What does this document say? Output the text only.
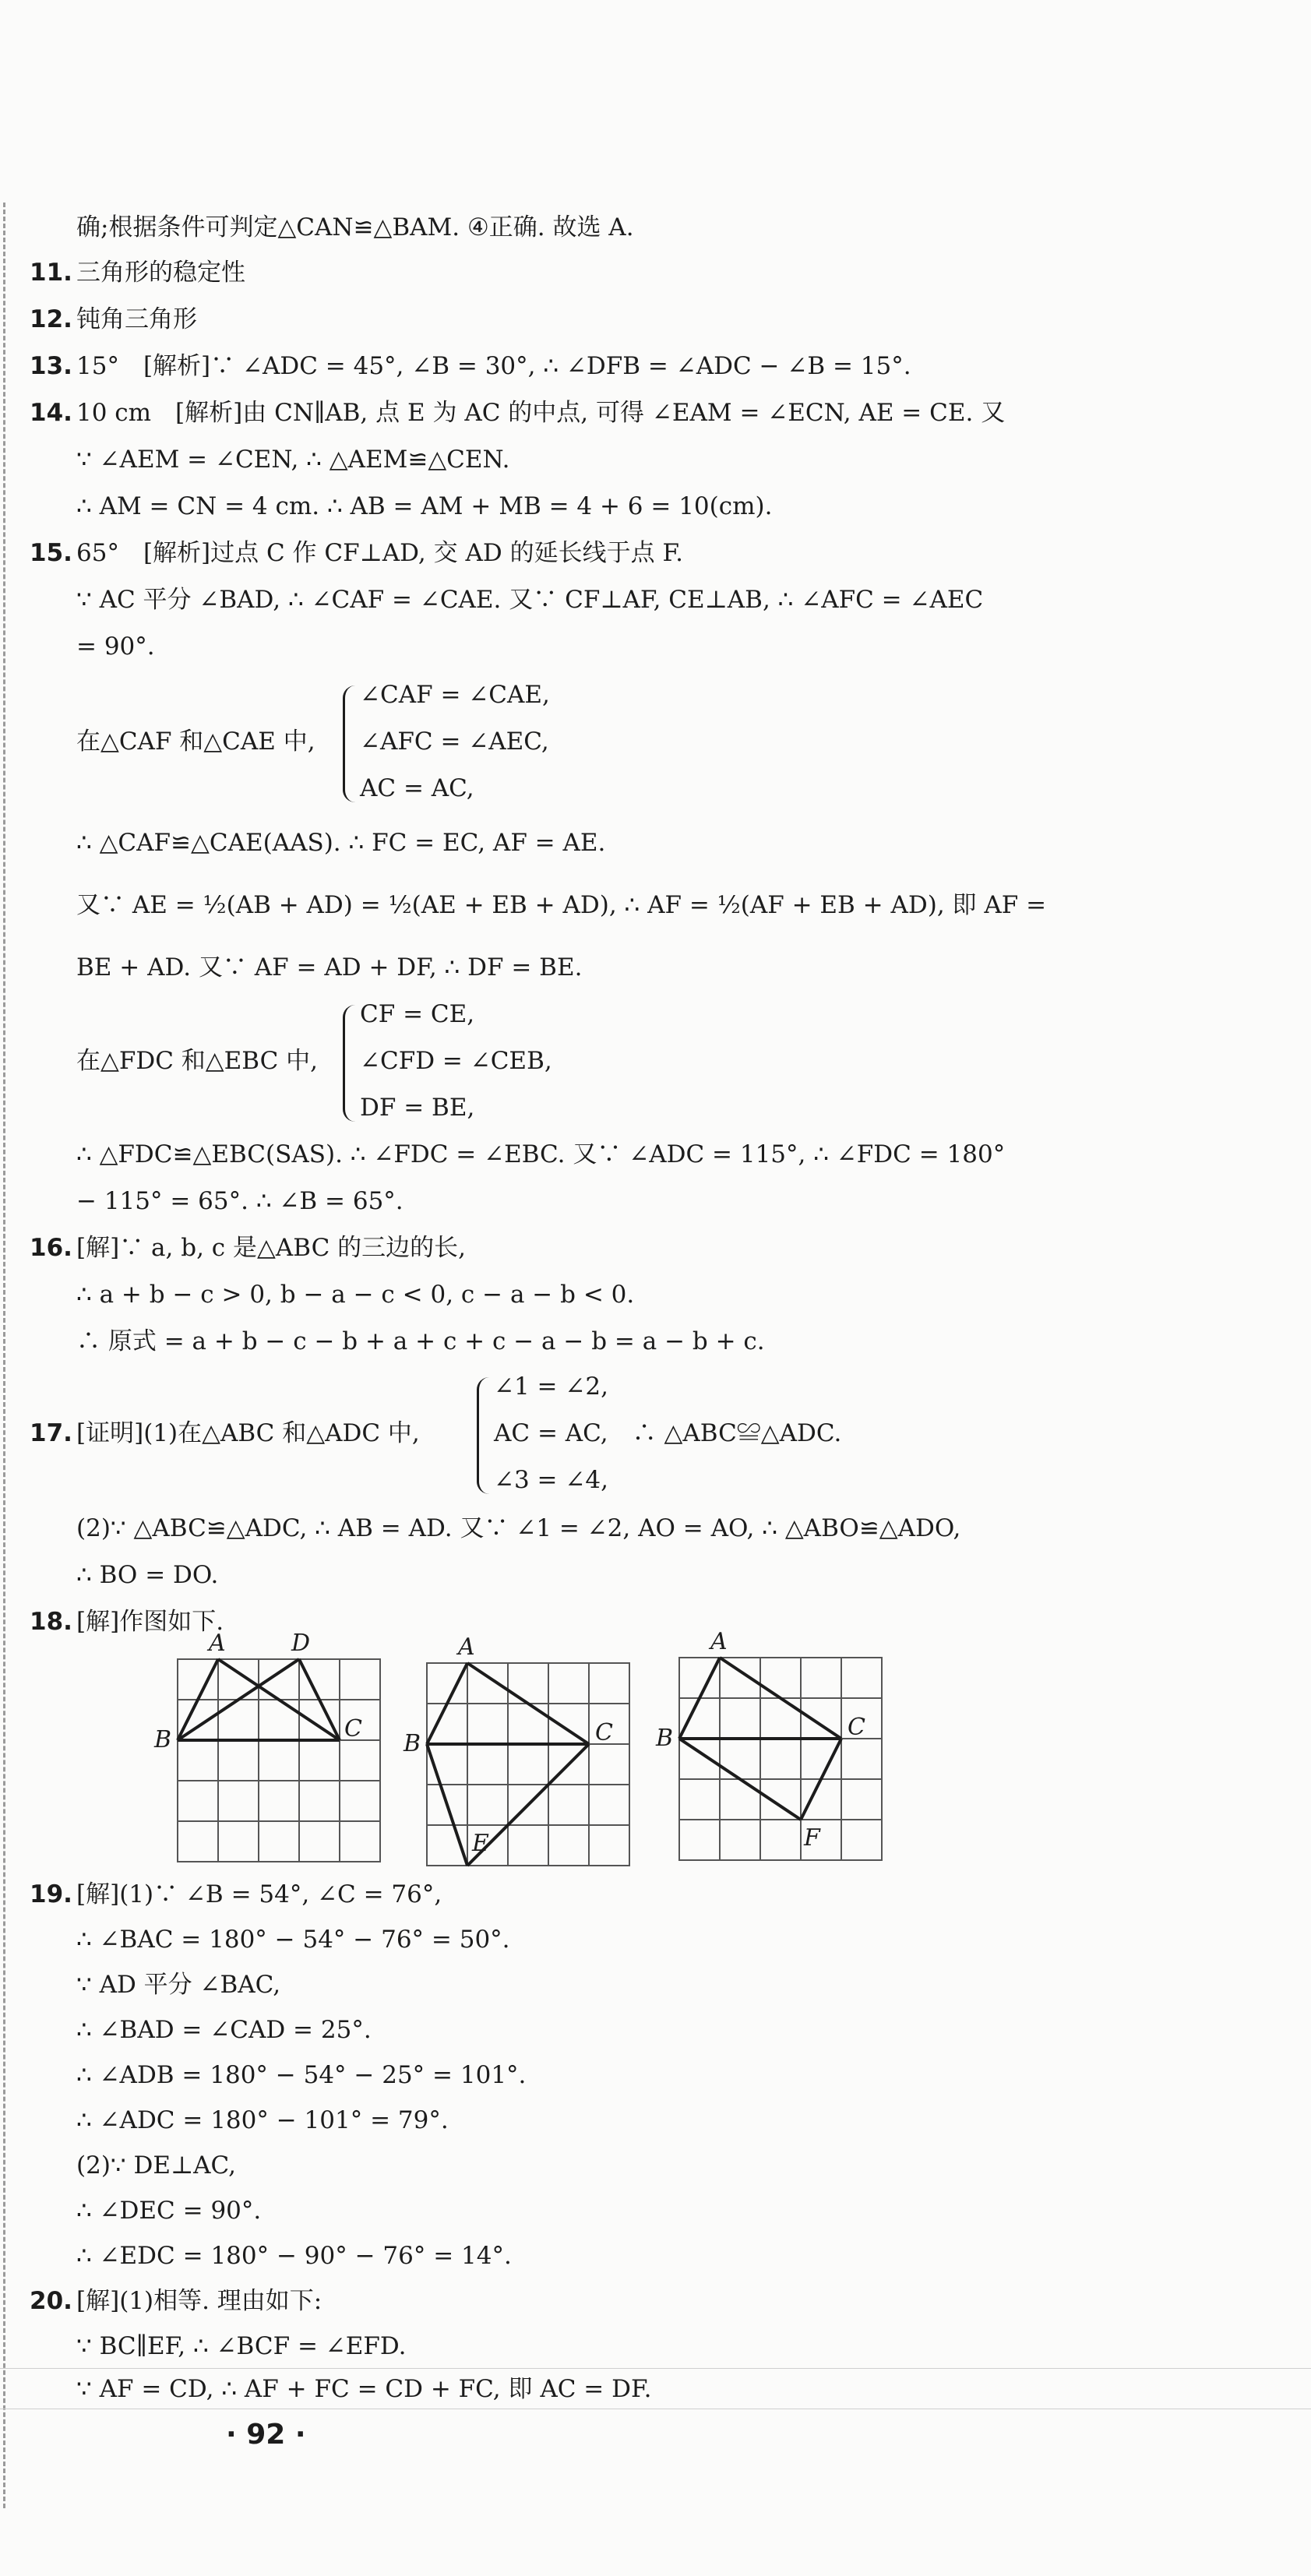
确;根据条件可判定△CAN≌△BAM. ④正确. 故选 A.
11. 三角形的稳定性
12. 钝角三角形
13. 15°　[解析]∵ ∠ADC = 45°, ∠B = 30°, ∴ ∠DFB = ∠ADC − ∠B = 15°.
14. 10 cm　[解析]由 CN∥AB, 点 E 为 AC 的中点, 可得 ∠EAM = ∠ECN, AE = CE. 又
∵ ∠AEM = ∠CEN, ∴ △AEM≌△CEN.
∴ AM = CN = 4 cm. ∴ AB = AM + MB = 4 + 6 = 10(cm).
15. 65°　[解析]过点 C 作 CF⊥AD, 交 AD 的延长线于点 F.
∵ AC 平分 ∠BAD, ∴ ∠CAF = ∠CAE. 又∵ CF⊥AF, CE⊥AB, ∴ ∠AFC = ∠AEC
= 90°.
在△CAF 和△CAE 中,
∠CAF = ∠CAE,
∠AFC = ∠AEC,
AC = AC,
∴ △CAF≌△CAE(AAS). ∴ FC = EC, AF = AE.
又∵ AE = ½(AB + AD) = ½(AE + EB + AD), ∴ AF = ½(AF + EB + AD), 即 AF =
BE + AD. 又∵ AF = AD + DF, ∴ DF = BE.
在△FDC 和△EBC 中,
CF = CE,
∠CFD = ∠CEB,
DF = BE,
∴ △FDC≌△EBC(SAS). ∴ ∠FDC = ∠EBC. 又∵ ∠ADC = 115°, ∴ ∠FDC = 180°
− 115° = 65°. ∴ ∠B = 65°.
16. [解]∵ a, b, c 是△ABC 的三边的长,
∴ a + b − c > 0, b − a − c < 0, c − a − b < 0.
∴ 原式 = a + b − c − b + a + c + c − a − b = a − b + c.
17. [证明](1)在△ABC 和△ADC 中,
∠1 = ∠2,
AC = AC,　∴ △ABC≌△ADC.
∠3 = ∠4,
(2)∵ △ABC≌△ADC, ∴ AB = AD. 又∵ ∠1 = ∠2, AO = AO, ∴ △ABO≌△ADO,
∴ BO = DO.
18. [解]作图如下.
A	D
B	C
A
B	C
E
A
B	C
F
19. [解](1)∵ ∠B = 54°, ∠C = 76°,
∴ ∠BAC = 180° − 54° − 76° = 50°.
∵ AD 平分 ∠BAC,
∴ ∠BAD = ∠CAD = 25°.
∴ ∠ADB = 180° − 54° − 25° = 101°.
∴ ∠ADC = 180° − 101° = 79°.
(2)∵ DE⊥AC,
∴ ∠DEC = 90°.
∴ ∠EDC = 180° − 90° − 76° = 14°.
20. [解](1)相等. 理由如下:
∵ BC∥EF, ∴ ∠BCF = ∠EFD.
∵ AF = CD, ∴ AF + FC = CD + FC, 即 AC = DF.
· 92 ·
